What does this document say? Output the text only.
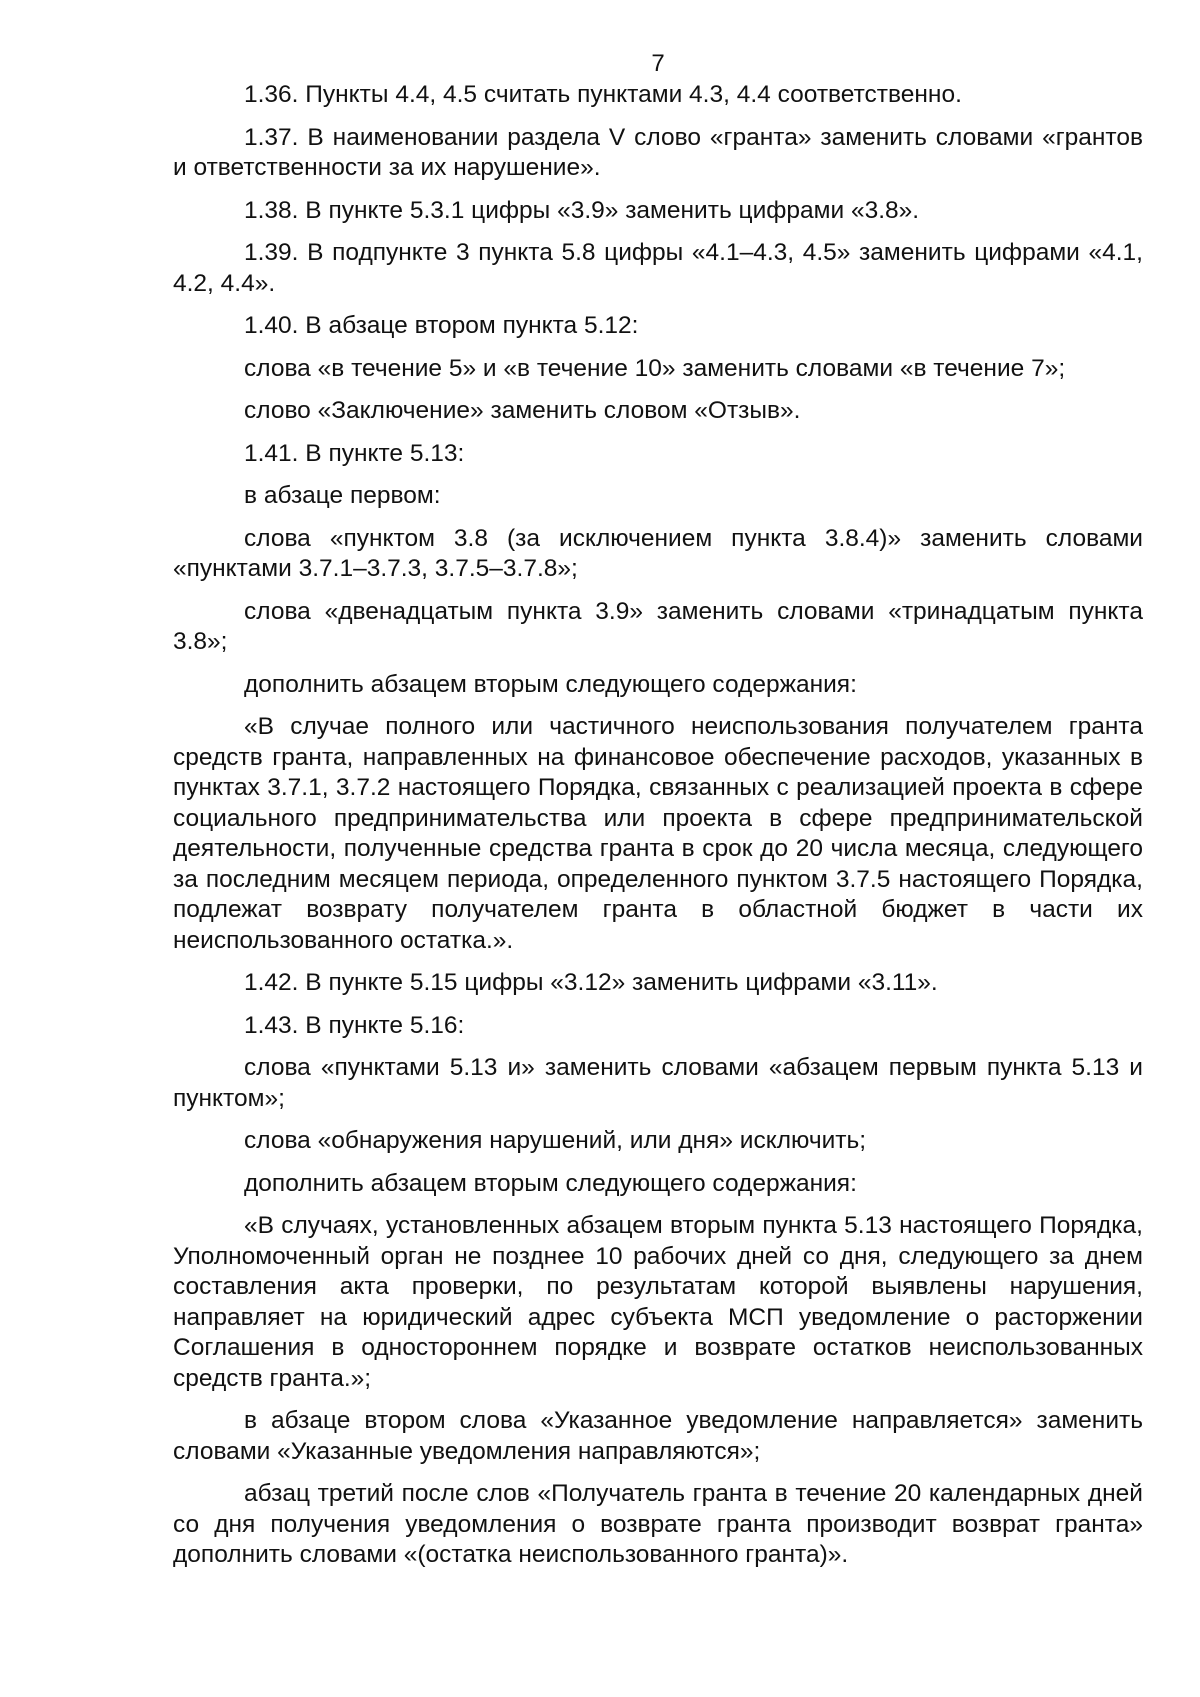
7

1.36. Пункты 4.4, 4.5 считать пунктами 4.3, 4.4 соответственно.

1.37. В наименовании раздела V слово «гранта» заменить словами «грантов и ответственности за их нарушение».

1.38. В пункте 5.3.1 цифры «3.9» заменить цифрами «3.8».

1.39. В подпункте 3 пункта 5.8 цифры «4.1–4.3, 4.5» заменить цифрами «4.1, 4.2, 4.4».

1.40. В абзаце втором пункта 5.12:

слова «в течение 5» и «в течение 10» заменить словами «в течение 7»;

слово «Заключение» заменить словом «Отзыв».

1.41. В пункте 5.13:

в абзаце первом:

слова «пунктом 3.8 (за исключением пункта 3.8.4)» заменить словами «пунктами 3.7.1–3.7.3, 3.7.5–3.7.8»;

слова «двенадцатым пункта 3.9» заменить словами «тринадцатым пункта 3.8»;

дополнить абзацем вторым следующего содержания:

«В случае полного или частичного неиспользования получателем гранта средств гранта, направленных на финансовое обеспечение расходов, указанных в пунктах 3.7.1, 3.7.2 настоящего Порядка, связанных с реализацией проекта в сфере социального предпринимательства или проекта в сфере предпринимательской деятельности, полученные средства гранта в срок до 20 числа месяца, следующего за последним месяцем периода, определенного пунктом 3.7.5 настоящего Порядка, подлежат возврату получателем гранта в областной бюджет в части их неиспользованного остатка.».

1.42. В пункте 5.15 цифры «3.12» заменить цифрами «3.11».

1.43. В пункте 5.16:

слова «пунктами 5.13 и» заменить словами «абзацем первым пункта 5.13 и пунктом»;

слова «обнаружения нарушений, или дня» исключить;

дополнить абзацем вторым следующего содержания:

«В случаях, установленных абзацем вторым пункта 5.13 настоящего Порядка, Уполномоченный орган не позднее 10 рабочих дней со дня, следующего за днем составления акта проверки, по результатам которой выявлены нарушения, направляет на юридический адрес субъекта МСП уведомление о расторжении Соглашения в одностороннем порядке и возврате остатков неиспользованных средств гранта.»;

в абзаце втором слова «Указанное уведомление направляется» заменить словами «Указанные уведомления направляются»;

абзац третий после слов «Получатель гранта в течение 20 календарных дней со дня получения уведомления о возврате гранта производит возврат гранта» дополнить словами «(остатка неиспользованного гранта)».
